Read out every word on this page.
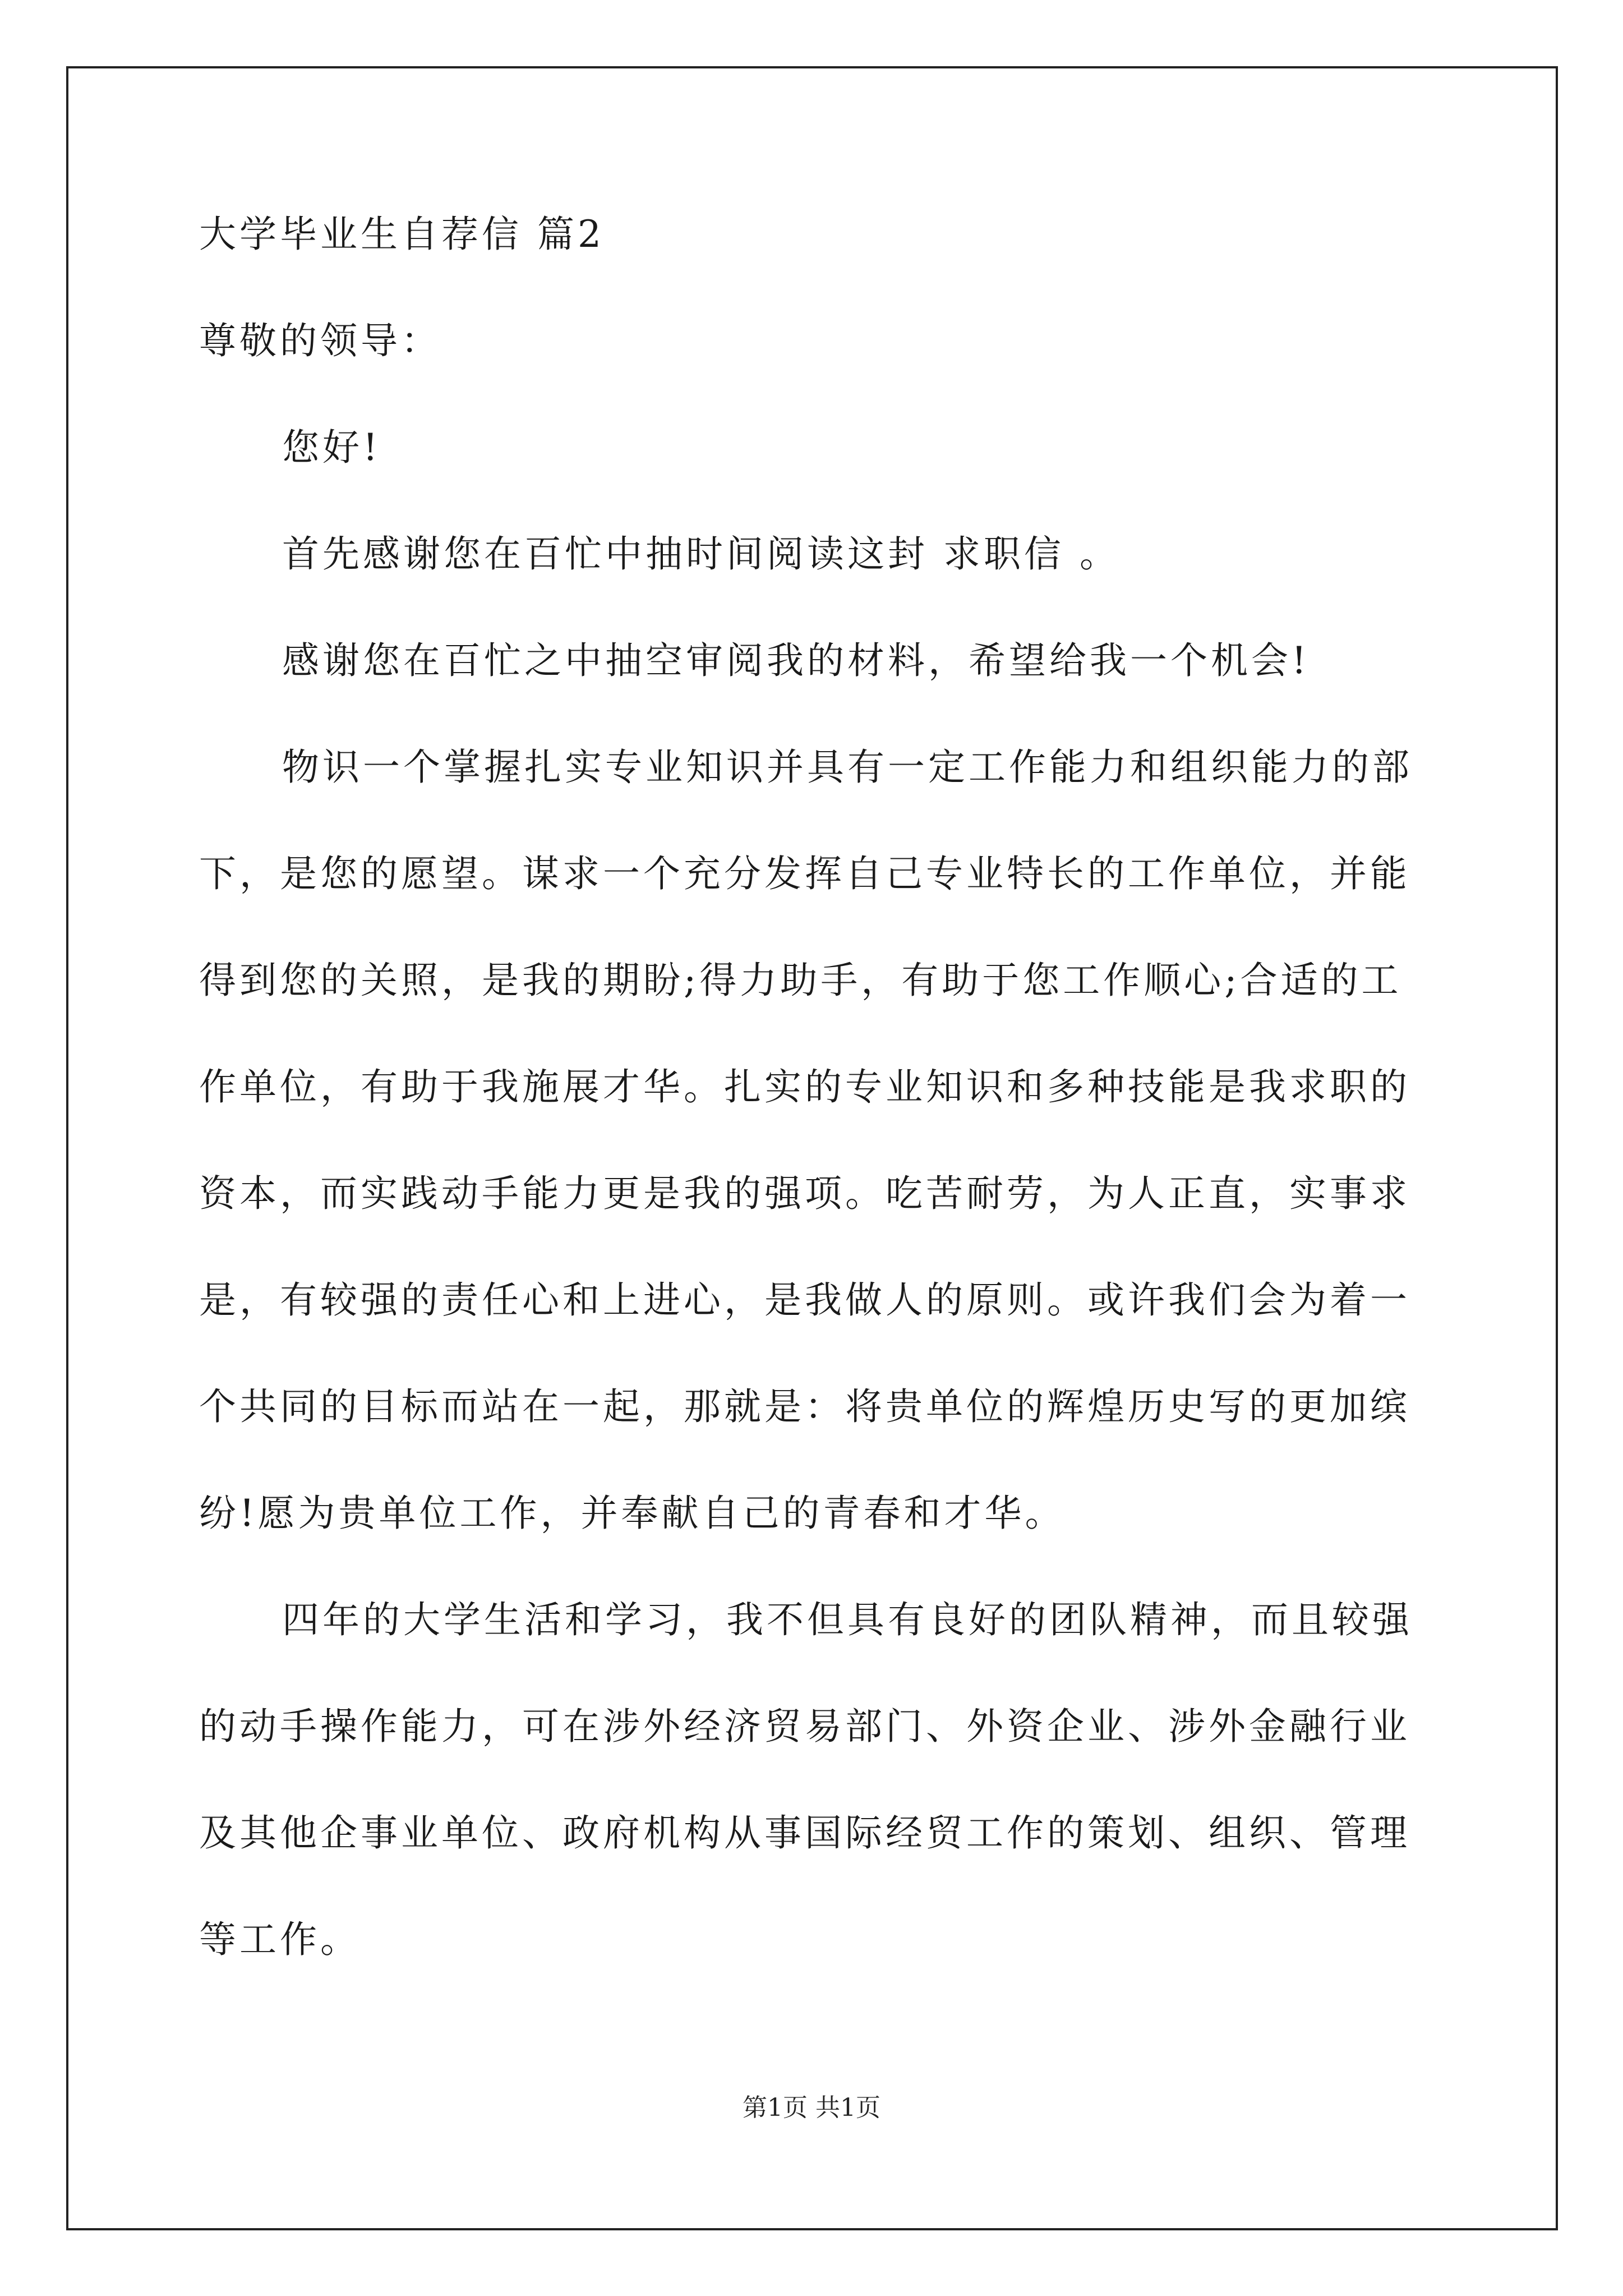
大学毕业生自荐信 篇2
尊敬的领导：
您好!
首先感谢您在百忙中抽时间阅读这封 求职信 。
感谢您在百忙之中抽空审阅我的材料，希望给我一个机会!
物识一个掌握扎实专业知识并具有一定工作能力和组织能力的部
下，是您的愿望。谋求一个充分发挥自己专业特长的工作单位，并能
得到您的关照，是我的期盼;得力助手，有助于您工作顺心;合适的工
作单位，有助于我施展才华。扎实的专业知识和多种技能是我求职的
资本，而实践动手能力更是我的强项。吃苦耐劳，为人正直，实事求
是，有较强的责任心和上进心，是我做人的原则。或许我们会为着一
个共同的目标而站在一起，那就是：将贵单位的辉煌历史写的更加缤
纷!愿为贵单位工作，并奉献自己的青春和才华。
四年的大学生活和学习，我不但具有良好的团队精神，而且较强
的动手操作能力，可在涉外经济贸易部门、外资企业、涉外金融行业
及其他企事业单位、政府机构从事国际经贸工作的策划、组织、管理
等工作。
第1页 共1页
